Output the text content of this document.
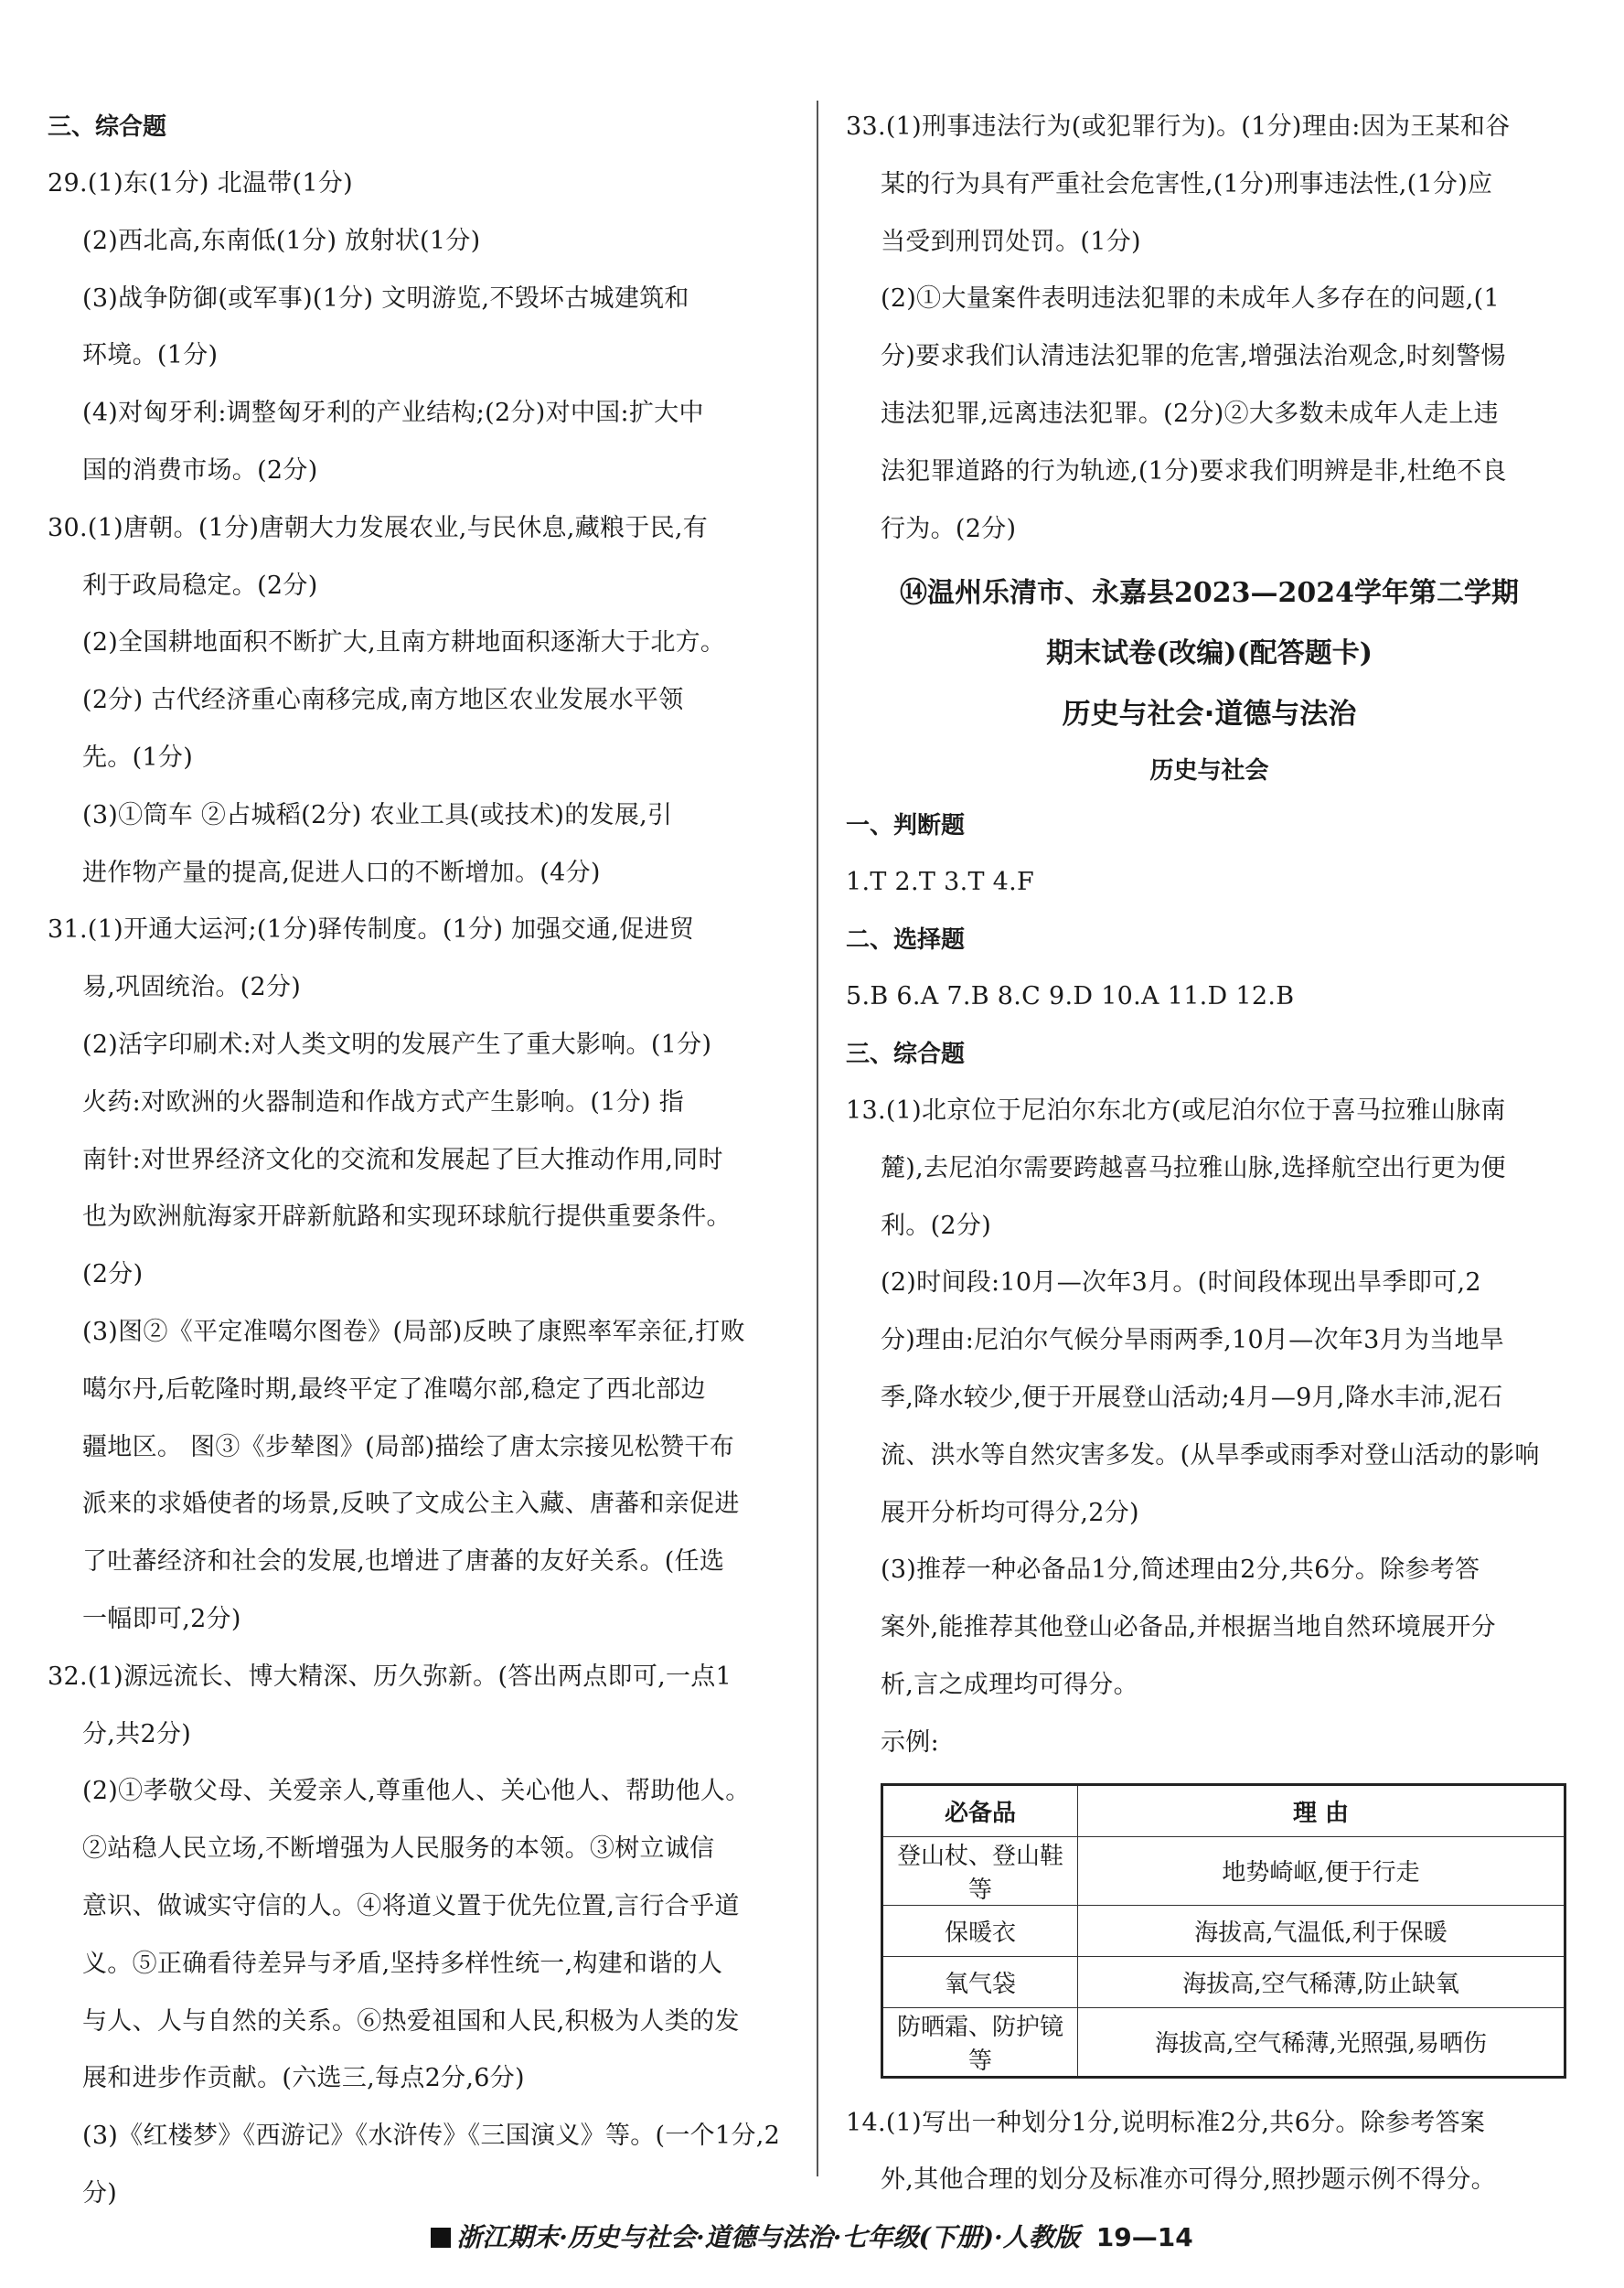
三、综合题
29.(1)东(1分) 北温带(1分)
(2)西北高,东南低(1分) 放射状(1分)
(3)战争防御(或军事)(1分) 文明游览,不毁坏古城建筑和
环境。(1分)
(4)对匈牙利:调整匈牙利的产业结构;(2分)对中国:扩大中
国的消费市场。(2分)
30.(1)唐朝。(1分)唐朝大力发展农业,与民休息,藏粮于民,有
利于政局稳定。(2分)
(2)全国耕地面积不断扩大,且南方耕地面积逐渐大于北方。
(2分) 古代经济重心南移完成,南方地区农业发展水平领
先。(1分)
(3)①筒车 ②占城稻(2分) 农业工具(或技术)的发展,引
进作物产量的提高,促进人口的不断增加。(4分)
31.(1)开通大运河;(1分)驿传制度。(1分) 加强交通,促进贸
易,巩固统治。(2分)
(2)活字印刷术:对人类文明的发展产生了重大影响。(1分)
火药:对欧洲的火器制造和作战方式产生影响。(1分) 指
南针:对世界经济文化的交流和发展起了巨大推动作用,同时
也为欧洲航海家开辟新航路和实现环球航行提供重要条件。
(2分)
(3)图②《平定准噶尔图卷》(局部)反映了康熙率军亲征,打败
噶尔丹,后乾隆时期,最终平定了准噶尔部,稳定了西北部边
疆地区。 图③《步辇图》(局部)描绘了唐太宗接见松赞干布
派来的求婚使者的场景,反映了文成公主入藏、唐蕃和亲促进
了吐蕃经济和社会的发展,也增进了唐蕃的友好关系。(任选
一幅即可,2分)
32.(1)源远流长、博大精深、历久弥新。(答出两点即可,一点1
分,共2分)
(2)①孝敬父母、关爱亲人,尊重他人、关心他人、帮助他人。
②站稳人民立场,不断增强为人民服务的本领。③树立诚信
意识、做诚实守信的人。④将道义置于优先位置,言行合乎道
义。⑤正确看待差异与矛盾,坚持多样性统一,构建和谐的人
与人、人与自然的关系。⑥热爱祖国和人民,积极为人类的发
展和进步作贡献。(六选三,每点2分,6分)
(3)《红楼梦》《西游记》《水浒传》《三国演义》等。(一个1分,2
分)
33.(1)刑事违法行为(或犯罪行为)。(1分)理由:因为王某和谷
某的行为具有严重社会危害性,(1分)刑事违法性,(1分)应
当受到刑罚处罚。(1分)
(2)①大量案件表明违法犯罪的未成年人多存在的问题,(1
分)要求我们认清违法犯罪的危害,增强法治观念,时刻警惕
违法犯罪,远离违法犯罪。(2分)②大多数未成年人走上违
法犯罪道路的行为轨迹,(1分)要求我们明辨是非,杜绝不良
行为。(2分)
⑭温州乐清市、永嘉县2023—2024学年第二学期
期末试卷(改编)(配答题卡)
历史与社会·道德与法治
历史与社会
一、判断题
1.T 2.T 3.T 4.F
二、选择题
5.B 6.A 7.B 8.C 9.D 10.A 11.D 12.B
三、综合题
13.(1)北京位于尼泊尔东北方(或尼泊尔位于喜马拉雅山脉南
麓),去尼泊尔需要跨越喜马拉雅山脉,选择航空出行更为便
利。(2分)
(2)时间段:10月—次年3月。(时间段体现出旱季即可,2
分)理由:尼泊尔气候分旱雨两季,10月—次年3月为当地旱
季,降水较少,便于开展登山活动;4月—9月,降水丰沛,泥石
流、洪水等自然灾害多发。(从旱季或雨季对登山活动的影响
展开分析均可得分,2分)
(3)推荐一种必备品1分,简述理由2分,共6分。除参考答
案外,能推荐其他登山必备品,并根据当地自然环境展开分
析,言之成理均可得分。
示例:
必备品	理 由
登山杖、登山鞋等	地势崎岖,便于行走
保暖衣	海拔高,气温低,利于保暖
氧气袋	海拔高,空气稀薄,防止缺氧
防晒霜、防护镜等	海拔高,空气稀薄,光照强,易晒伤
14.(1)写出一种划分1分,说明标准2分,共6分。除参考答案
外,其他合理的划分及标准亦可得分,照抄题示例不得分。
浙江期末·历史与社会·道德与法治·七年级(下册)·人教版 19—14
